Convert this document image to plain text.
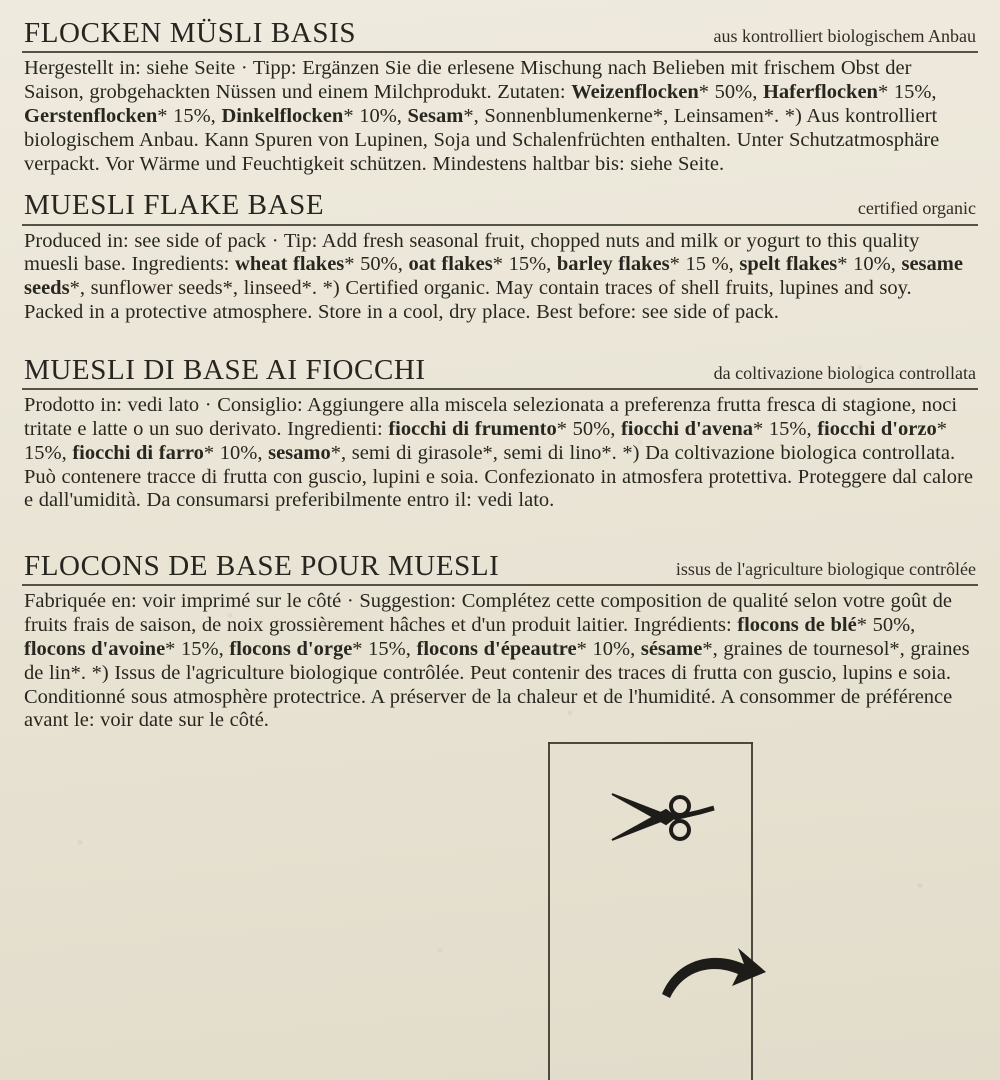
FLOCKEN MÜSLI BASIS	aus kontrolliert biologischem Anbau
Hergestellt in: siehe Seite · Tipp: Ergänzen Sie die erlesene Mischung nach Belieben mit frischem Obst der Saison, grobgehackten Nüssen und einem Milchprodukt. Zutaten: Weizenflocken* 50%, Haferflocken* 15%, Gerstenflocken* 15%, Dinkelflocken* 10%, Sesam*, Sonnenblumenkerne*, Leinsamen*. *) Aus kontrolliert biologischem Anbau. Kann Spuren von Lupinen, Soja und Schalenfrüchten enthalten. Unter Schutzatmosphäre verpackt. Vor Wärme und Feuchtigkeit schützen. Mindestens haltbar bis: siehe Seite.
MUESLI FLAKE BASE	certified organic
Produced in: see side of pack · Tip: Add fresh seasonal fruit, chopped nuts and milk or yogurt to this quality muesli base. Ingredients: wheat flakes* 50%, oat flakes* 15%, barley flakes* 15 %, spelt flakes* 10%, sesame seeds*, sunflower seeds*, linseed*. *) Certified organic. May contain traces of shell fruits, lupines and soy. Packed in a protective atmosphere. Store in a cool, dry place. Best before: see side of pack.
MUESLI DI BASE AI FIOCCHI	da coltivazione biologica controllata
Prodotto in: vedi lato · Consiglio: Aggiungere alla miscela selezionata a preferenza frutta fresca di stagione, noci tritate e latte o un suo derivato. Ingredienti: fiocchi di frumento* 50%, fiocchi d'avena* 15%, fiocchi d'orzo* 15%, fiocchi di farro* 10%, sesamo*, semi di girasole*, semi di lino*. *) Da coltivazione biologica controllata. Può contenere tracce di frutta con guscio, lupini e soia. Confezionato in atmosfera protettiva. Proteggere dal calore e dall'umidità. Da consumarsi preferibilmente entro il: vedi lato.
FLOCONS DE BASE POUR MUESLI	issus de l'agriculture biologique contrôlée
Fabriquée en: voir imprimé sur le côté · Suggestion: Complétez cette composition de qualité selon votre goût de fruits frais de saison, de noix grossièrement hâches et d'un produit laitier. Ingrédients: flocons de blé* 50%, flocons d'avoine* 15%, flocons d'orge* 15%, flocons d'épeautre* 10%, sésame*, graines de tournesol*, graines de lin*. *) Issus de l'agriculture biologique contrôlée. Peut contenir des traces di frutta con guscio, lupins e soia. Conditionné sous atmosphère protectrice. A préserver de la chaleur et de l'humidité. A consommer de préférence avant le: voir date sur le côté.
